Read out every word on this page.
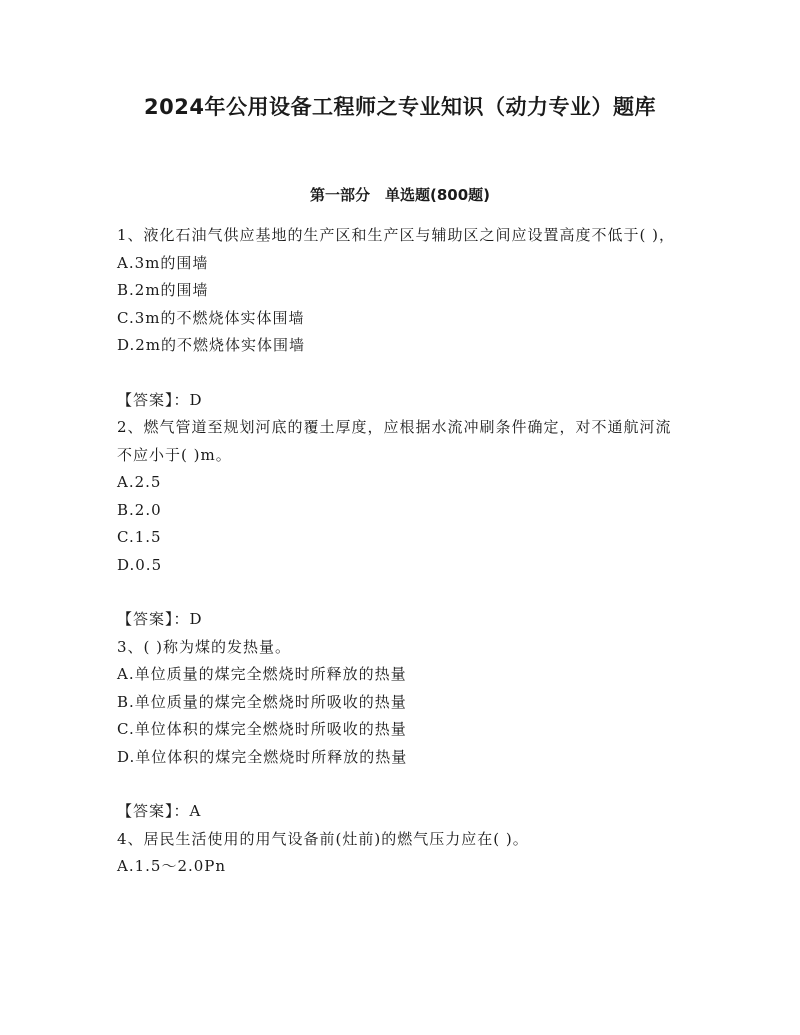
2024年公用设备工程师之专业知识（动力专业）题库
第一部分　单选题(800题)

1、液化石油气供应基地的生产区和生产区与辅助区之间应设置高度不低于( )，

A.3m的围墙

B.2m的围墙

C.3m的不燃烧体实体围墙

D.2m的不燃烧体实体围墙

【答案】：D

2、燃气管道至规划河底的覆土厚度，应根据水流冲刷条件确定，对不通航河流不应小于( )m。

A.2.5

B.2.0

C.1.5

D.0.5

【答案】：D

3、( )称为煤的发热量。

A.单位质量的煤完全燃烧时所释放的热量

B.单位质量的煤完全燃烧时所吸收的热量

C.单位体积的煤完全燃烧时所吸收的热量

D.单位体积的煤完全燃烧时所释放的热量

【答案】：A

4、居民生活使用的用气设备前(灶前)的燃气压力应在( )。

A.1.5～2.0Pn
